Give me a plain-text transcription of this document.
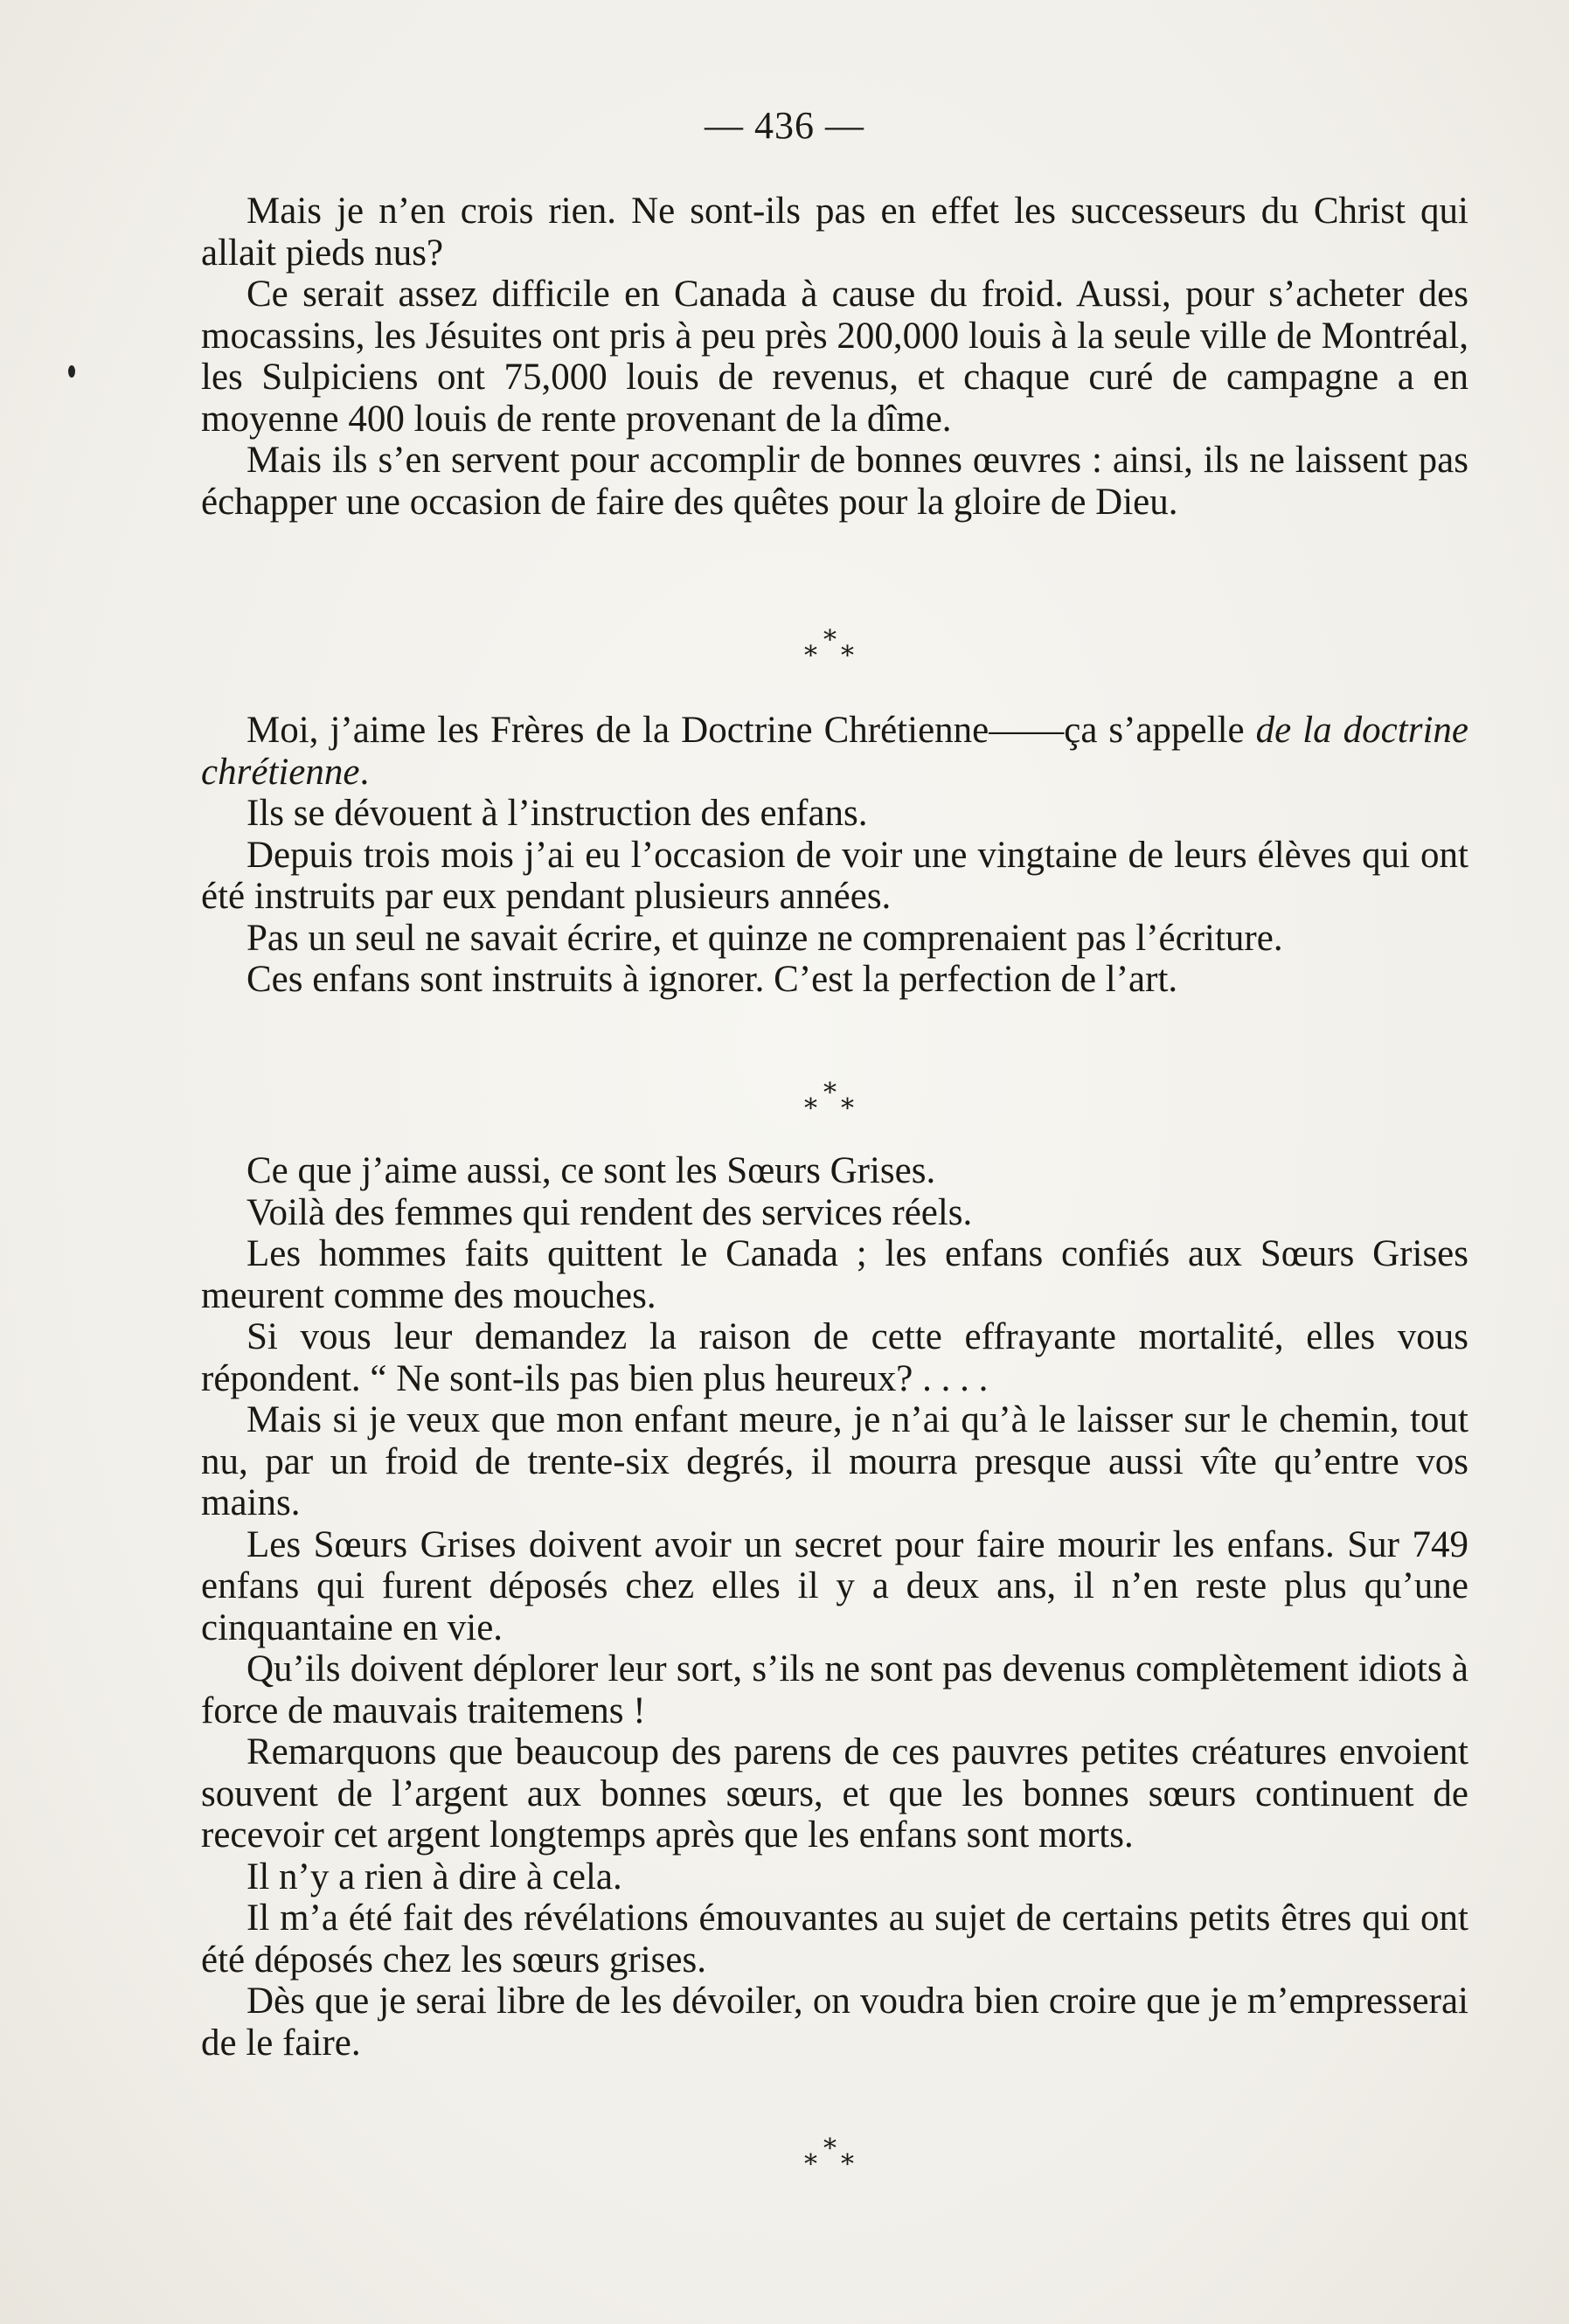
— 436 —

Mais je n’en crois rien. Ne sont-ils pas en effet les successeurs du Christ qui allait pieds nus?

Ce serait assez difficile en Canada à cause du froid. Aussi, pour s’acheter des mocassins, les Jésuites ont pris à peu près 200,000 louis à la seule ville de Montréal, les Sulpiciens ont 75,000 louis de revenus, et chaque curé de campagne a en moyenne 400 louis de rente provenant de la dîme.

Mais ils s’en servent pour accomplir de bonnes œuvres : ainsi, ils ne laissent pas échapper une occasion de faire des quêtes pour la gloire de Dieu.

*
* *

Moi, j’aime les Frères de la Doctrine Chrétienne——ça s’appelle de la doctrine chrétienne.

Ils se dévouent à l’instruction des enfans.

Depuis trois mois j’ai eu l’occasion de voir une vingtaine de leurs élèves qui ont été instruits par eux pendant plusieurs années.

Pas un seul ne savait écrire, et quinze ne comprenaient pas l’écriture.

Ces enfans sont instruits à ignorer. C’est la perfection de l’art.

*
* *

Ce que j’aime aussi, ce sont les Sœurs Grises.

Voilà des femmes qui rendent des services réels.

Les hommes faits quittent le Canada ; les enfans confiés aux Sœurs Grises meurent comme des mouches.

Si vous leur demandez la raison de cette effrayante mortalité, elles vous répondent. “ Ne sont-ils pas bien plus heureux? . . . .

Mais si je veux que mon enfant meure, je n’ai qu’à le laisser sur le chemin, tout nu, par un froid de trente-six degrés, il mourra presque aussi vîte qu’entre vos mains.

Les Sœurs Grises doivent avoir un secret pour faire mourir les enfans. Sur 749 enfans qui furent déposés chez elles il y a deux ans, il n’en reste plus qu’une cinquantaine en vie.

Qu’ils doivent déplorer leur sort, s’ils ne sont pas devenus complètement idiots à force de mauvais traitemens !

Remarquons que beaucoup des parens de ces pauvres petites créatures envoient souvent de l’argent aux bonnes sœurs, et que les bonnes sœurs continuent de recevoir cet argent longtemps après que les enfans sont morts.

Il n’y a rien à dire à cela.

Il m’a été fait des révélations émouvantes au sujet de certains petits êtres qui ont été déposés chez les sœurs grises.

Dès que je serai libre de les dévoiler, on voudra bien croire que je m’empresserai de le faire.

*
* *
